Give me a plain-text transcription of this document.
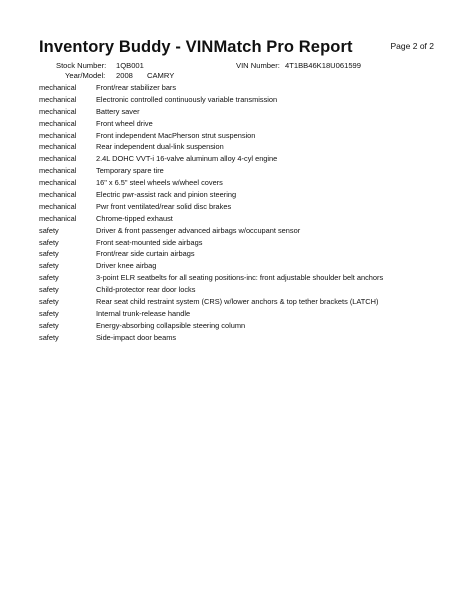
Inventory Buddy - VINMatch Pro Report	Page 2 of 2
Stock Number: 1QB001	VIN Number: 4T1BB46K18U061599
Year/Model: 2008 CAMRY
mechanical	Front/rear stabilizer bars
mechanical	Electronic controlled continuously variable transmission
mechanical	Battery saver
mechanical	Front wheel drive
mechanical	Front independent MacPherson strut suspension
mechanical	Rear independent dual-link suspension
mechanical	2.4L DOHC VVT-i 16-valve aluminum alloy 4-cyl engine
mechanical	Temporary spare tire
mechanical	16" x 6.5" steel wheels w/wheel covers
mechanical	Electric pwr-assist rack and pinion steering
mechanical	Pwr front ventilated/rear solid disc brakes
mechanical	Chrome-tipped exhaust
safety	Driver & front passenger advanced airbags w/occupant sensor
safety	Front seat-mounted side airbags
safety	Front/rear side curtain airbags
safety	Driver knee airbag
safety	3-point ELR seatbelts for all seating positions-inc: front adjustable shoulder belt anchors
safety	Child-protector rear door locks
safety	Rear seat child restraint system (CRS) w/lower anchors & top tether brackets (LATCH)
safety	Internal trunk-release handle
safety	Energy-absorbing collapsible steering column
safety	Side-impact door beams
